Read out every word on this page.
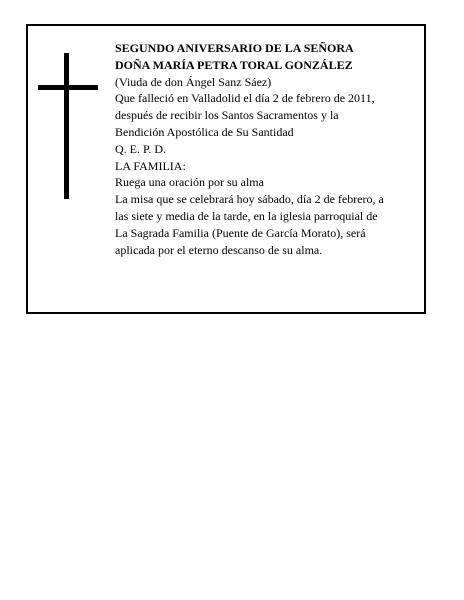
SEGUNDO ANIVERSARIO DE LA SEÑORA
DOÑA MARÍA PETRA TORAL GONZÁLEZ
(Viuda de don Ángel Sanz Sáez)
Que falleció en Valladolid el día 2 de febrero de 2011,
después de recibir los Santos Sacramentos y la
Bendición Apostólica de Su Santidad
Q. E. P. D.
LA FAMILIA:
Ruega una oración por su alma
La misa que se celebrará hoy sábado, día 2 de febrero, a
las siete y media de la tarde, en la iglesia parroquial de
La Sagrada Familia (Puente de García Morato), será
aplicada por el eterno descanso de su alma.
